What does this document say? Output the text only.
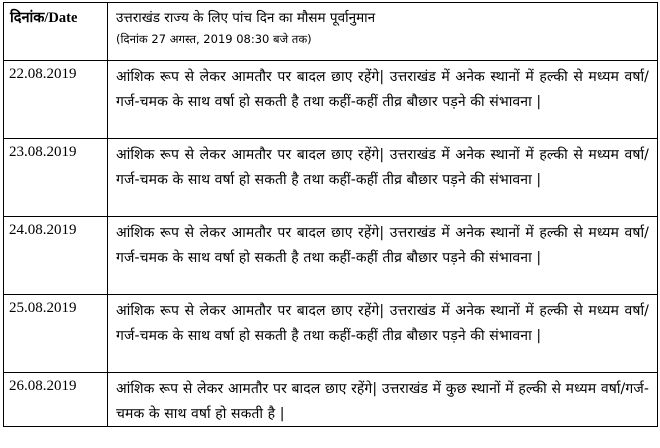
दिनांक/Date	उत्तराखंड राज्य के लिए पांच दिन का मौसम पूर्वानुमान
(दिनांक 27 अगस्त, 2019 08:30 बजे तक)

22.08.2019	आंशिक रूप से लेकर आमतौर पर बादल छाए रहेंगे| उत्तराखंड में अनेक स्थानों में हल्की से मध्यम वर्षा/गर्ज-चमक के साथ वर्षा हो सकती है तथा कहीं-कहीं तीव्र बौछार पड़ने की संभावना |
23.08.2019	आंशिक रूप से लेकर आमतौर पर बादल छाए रहेंगे| उत्तराखंड में अनेक स्थानों में हल्की से मध्यम वर्षा/गर्ज-चमक के साथ वर्षा हो सकती है तथा कहीं-कहीं तीव्र बौछार पड़ने की संभावना |
24.08.2019	आंशिक रूप से लेकर आमतौर पर बादल छाए रहेंगे| उत्तराखंड में अनेक स्थानों में हल्की से मध्यम वर्षा/गर्ज-चमक के साथ वर्षा हो सकती है तथा कहीं-कहीं तीव्र बौछार पड़ने की संभावना |
25.08.2019	आंशिक रूप से लेकर आमतौर पर बादल छाए रहेंगे| उत्तराखंड में अनेक स्थानों में हल्की से मध्यम वर्षा/गर्ज-चमक के साथ वर्षा हो सकती है तथा कहीं-कहीं तीव्र बौछार पड़ने की संभावना |
26.08.2019	आंशिक रूप से लेकर आमतौर पर बादल छाए रहेंगे| उत्तराखंड में कुछ स्थानों में हल्की से मध्यम वर्षा/गर्ज-चमक के साथ वर्षा हो सकती है |
